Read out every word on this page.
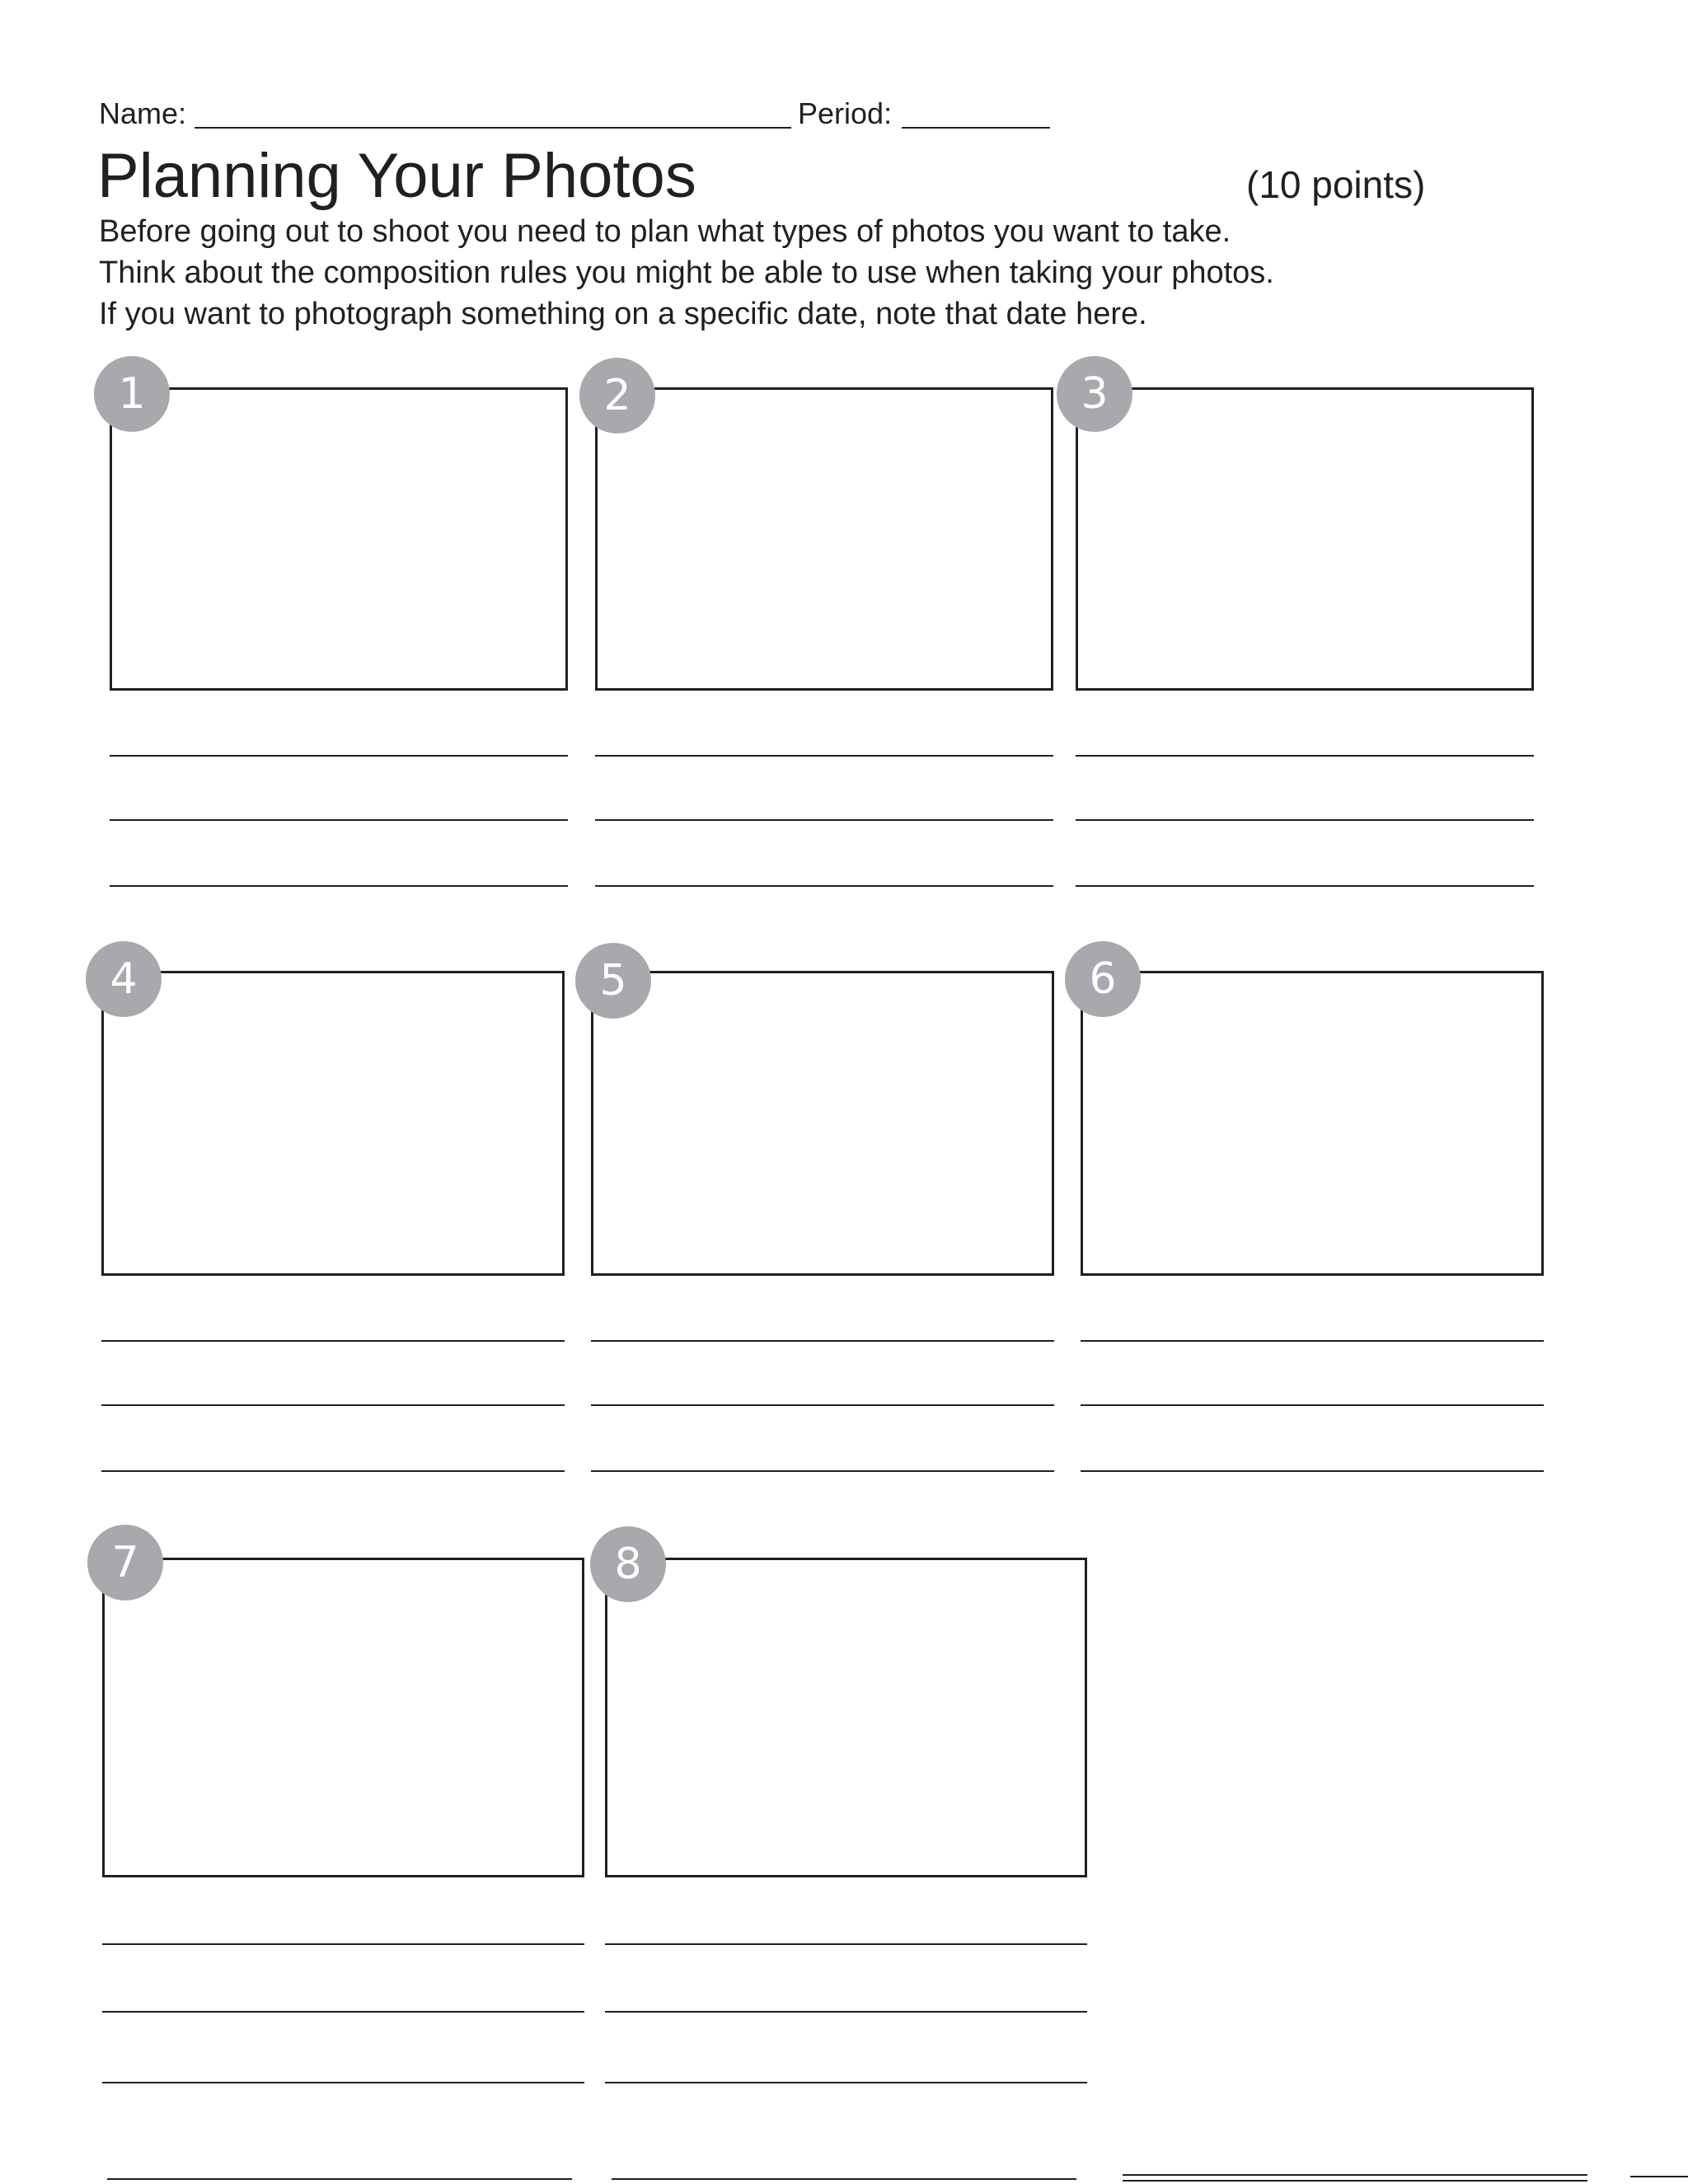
Name:	Period:
Planning Your Photos	(10 points)
Before going out to shoot you need to plan what types of photos you want to take.
Think about the composition rules you might be able to use when taking your photos.
If you want to photograph something on a specific date, note that date here.
1	2	3
4	5	6
7	8
